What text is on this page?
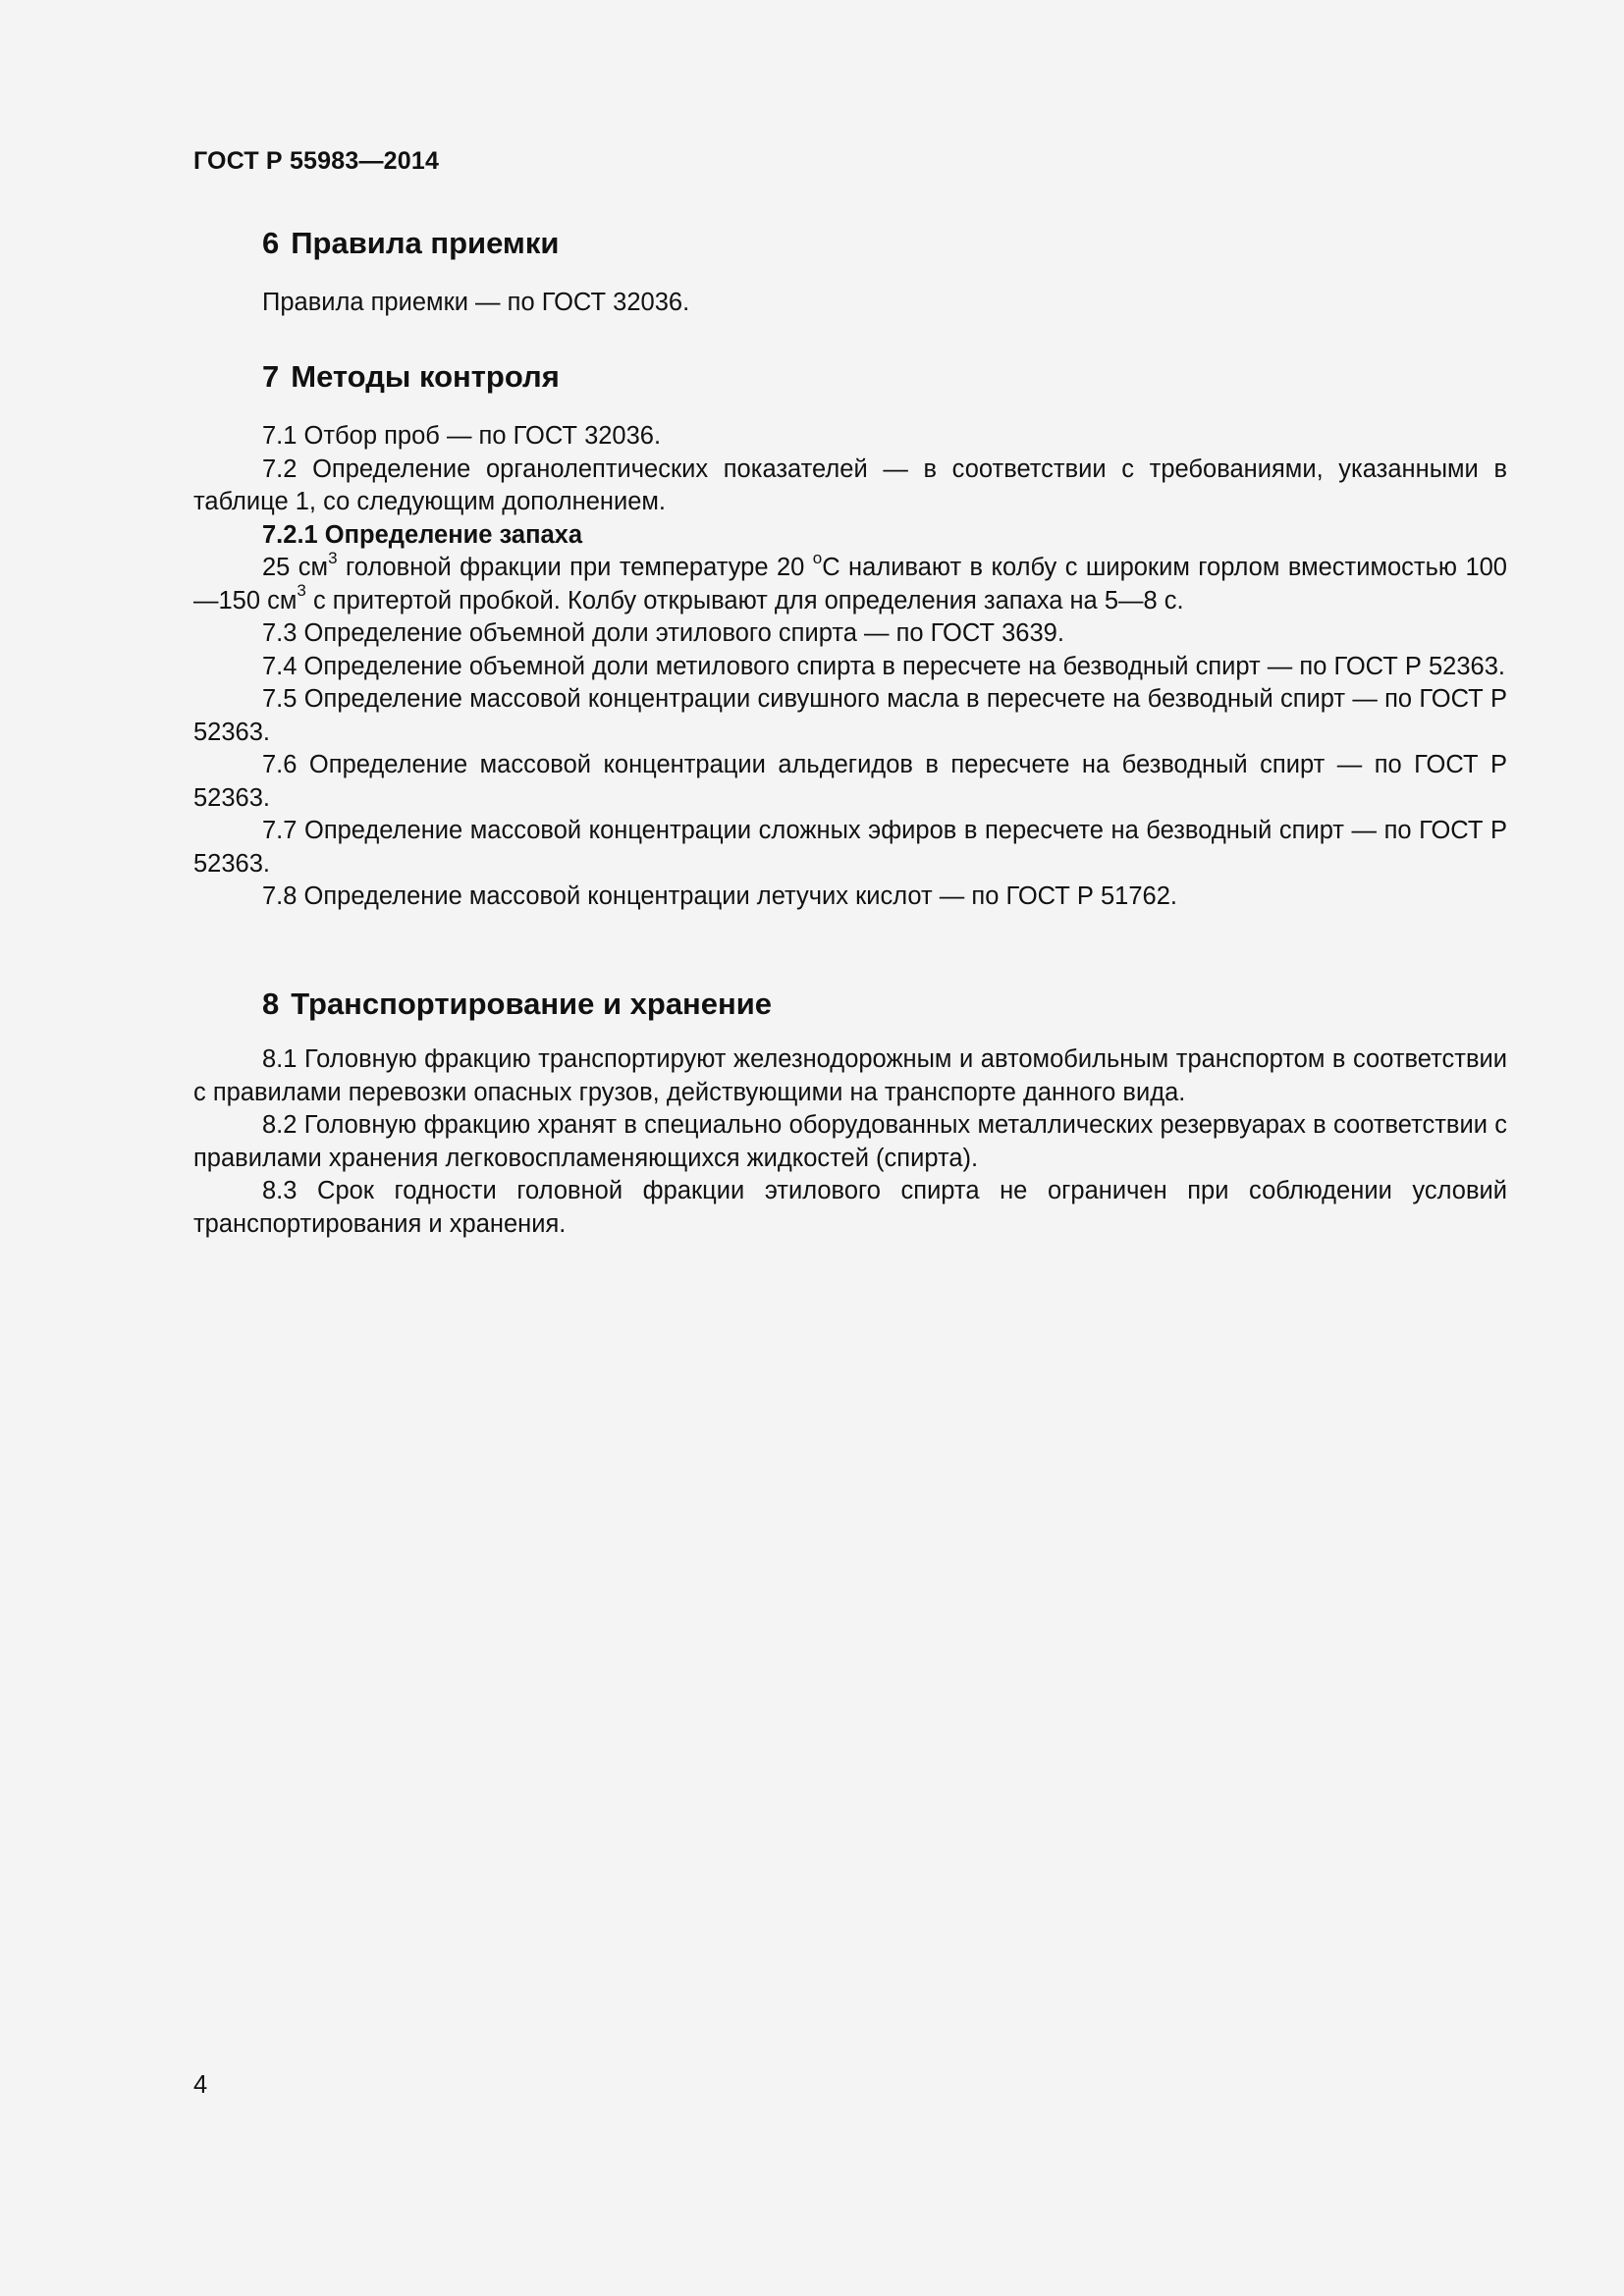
ГОСТ Р 55983—2014
6 Правила приемки

Правила приемки — по ГОСТ 32036.

7 Методы контроля

7.1 Отбор проб — по ГОСТ 32036.

7.2 Определение органолептических показателей — в соответствии с требованиями, указанными в таблице 1, со следующим дополнением.

7.2.1 Определение запаха

25 $см^3$ головной фракции при температуре 20 $^о$С наливают в колбу с широким горлом вместимостью 100—150 $см^3$ с притертой пробкой. Колбу открывают для определения запаха на 5—8 с.

7.3 Определение объемной доли этилового спирта — по ГОСТ 3639.

7.4 Определение объемной доли метилового спирта в пересчете на безводный спирт — по ГОСТ Р 52363.

7.5 Определение массовой концентрации сивушного масла в пересчете на безводный спирт — по ГОСТ Р 52363.

7.6 Определение массовой концентрации альдегидов в пересчете на безводный спирт — по ГОСТ Р 52363.

7.7 Определение массовой концентрации сложных эфиров в пересчете на безводный спирт — по ГОСТ Р 52363.

7.8 Определение массовой концентрации летучих кислот — по ГОСТ Р 51762.

8 Транспортирование и хранение

8.1 Головную фракцию транспортируют железнодорожным и автомобильным транспортом в соответствии с правилами перевозки опасных грузов, действующими на транспорте данного вида.

8.2 Головную фракцию хранят в специально оборудованных металлических резервуарах в соответствии с правилами хранения легковоспламеняющихся жидкостей (спирта).

8.3 Срок годности головной фракции этилового спирта не ограничен при соблюдении условий транспортирования и хранения.

4
